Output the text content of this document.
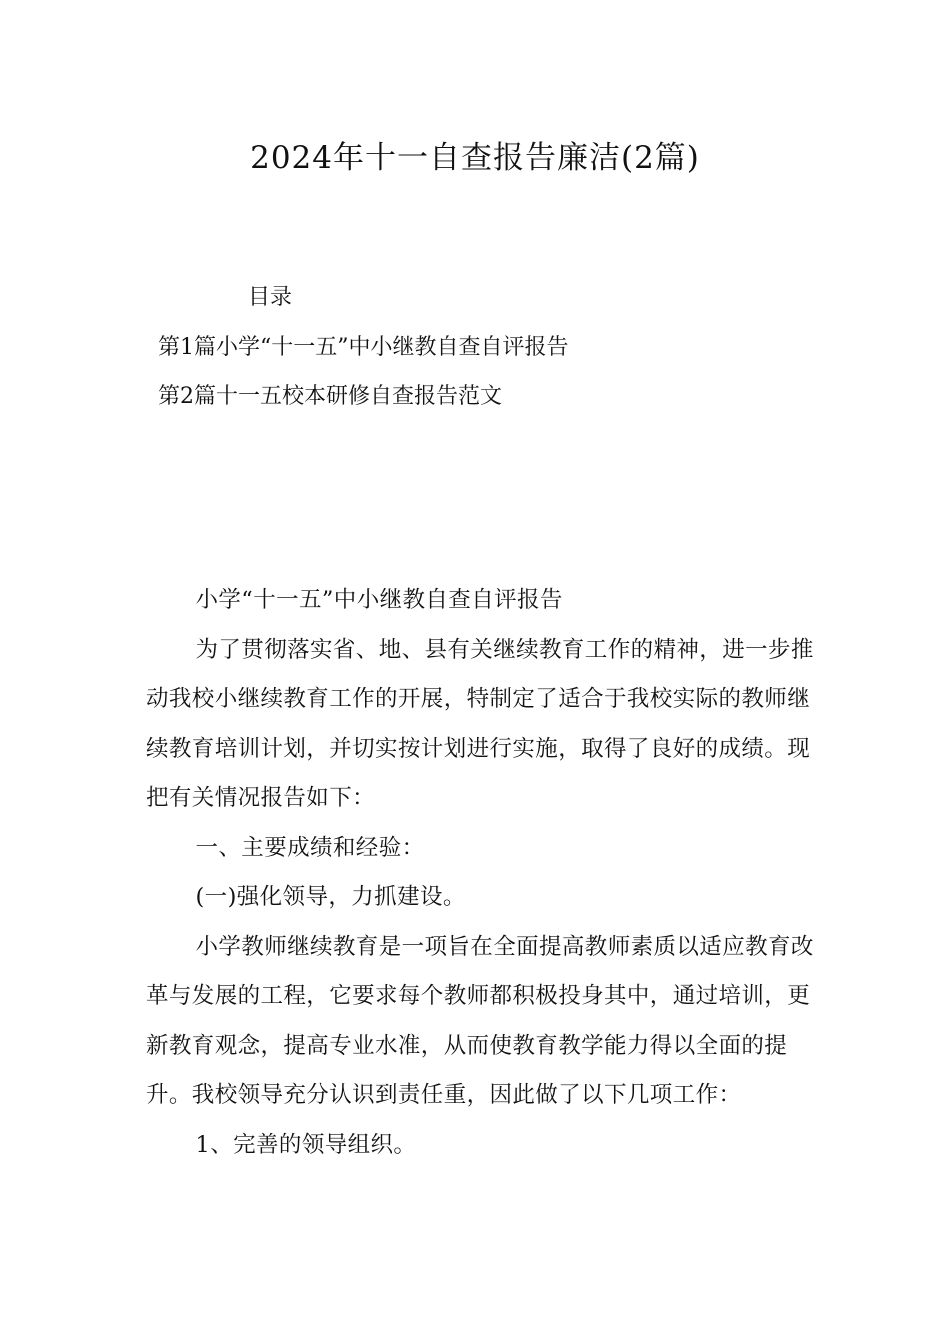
2024年十一自查报告廉洁(2篇)
目录
第1篇小学“十一五”中小继教自查自评报告
第2篇十一五校本研修自查报告范文

小学“十一五”中小继教自查自评报告

为了贯彻落实省、地、县有关继续教育工作的精神，进一步推动我校小继续教育工作的开展，特制定了适合于我校实际的教师继续教育培训计划，并切实按计划进行实施，取得了良好的成绩。现把有关情况报告如下：

一、主要成绩和经验：

(一)强化领导，力抓建设。

小学教师继续教育是一项旨在全面提高教师素质以适应教育改革与发展的工程，它要求每个教师都积极投身其中，通过培训，更新教育观念，提高专业水准，从而使教育教学能力得以全面的提升。我校领导充分认识到责任重，因此做了以下几项工作：

1、完善的领导组织。
